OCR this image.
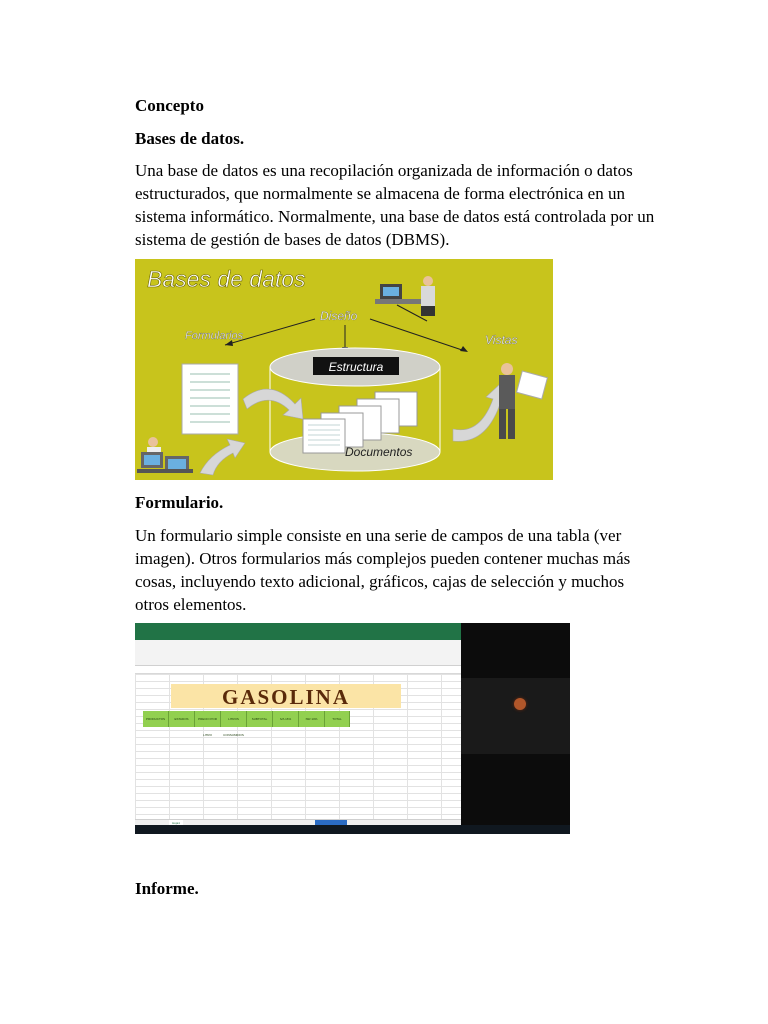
Concepto
Bases de datos.
Una base de datos es una recopilación organizada de información o datos
estructurados, que normalmente se almacena de forma electrónica en un
sistema informático. Normalmente, una base de datos está controlada por un
sistema de gestión de bases de datos (DBMS).
Bases de datos
Diseño
Formularios	Vistas
Estructura
Documentos
Formulario.
Un formulario simple consiste en una serie de campos de una tabla (ver
imagen). Otros formularios más complejos pueden contener muchas más
cosas, incluyendo texto adicional, gráficos, cajas de selección y muchos
otros elementos.
GASOLINA
PRODUCTOS	ESTADOS	PRECIO POR LITRO
LITROS CONSUMIDOS
SUBTOTAL	IVA 16%	ISR 10%	TOTAL
Hoja1
Informe.
